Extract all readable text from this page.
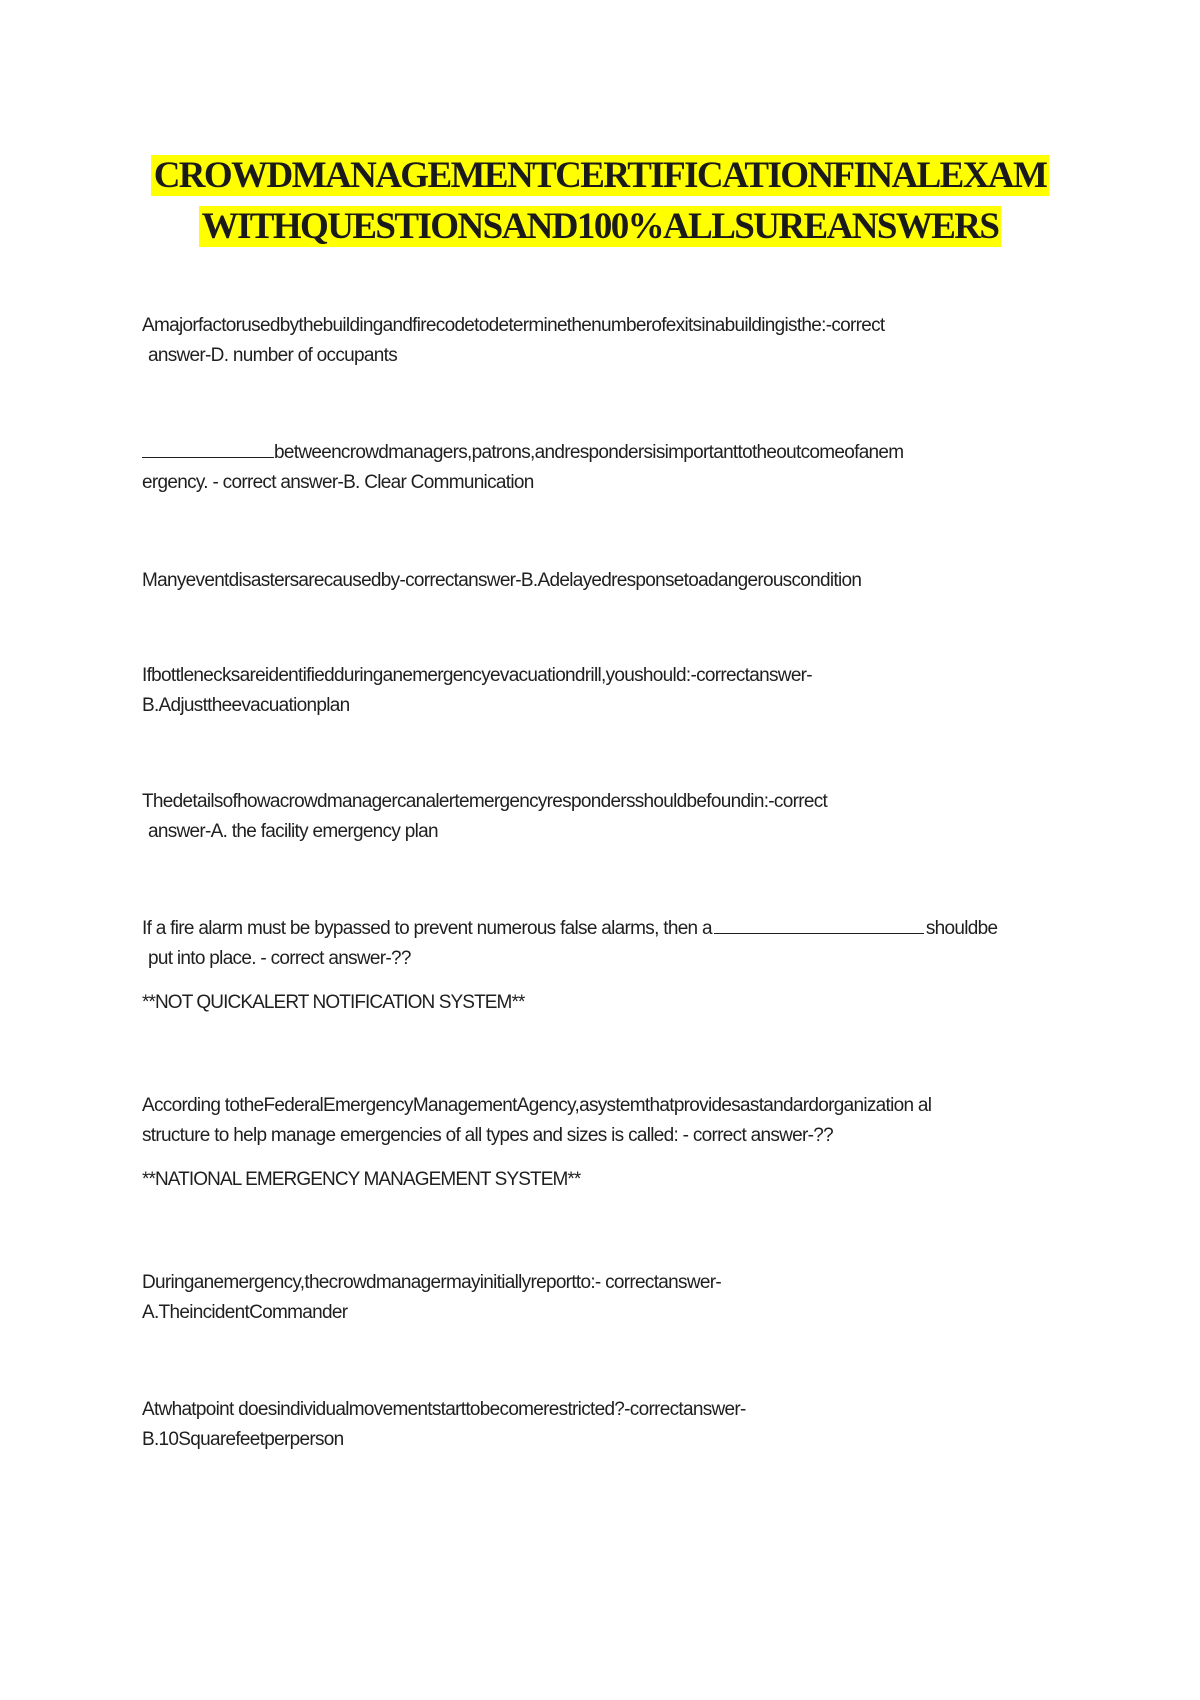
CROWDMANAGEMENTCERTIFICATIONFINALEXAM
WITHQUESTIONSAND100%ALLSUREANSWERS

Amajorfactorusedbythebuildingandfirecodetodeterminethenumberofexitsinabuildingisthe:-correct

answer-D. number of occupants

betweencrowdmanagers,patrons,andrespondersisimportanttotheoutcomeofanem

ergency. - correct answer-B. Clear Communication

Manyeventdisastersarecausedby-correctanswer-B.Adelayedresponsetoadangerouscondition

Ifbottlenecksareidentifiedduringanemergencyevacuationdrill,youshould:-correctanswer-

B.Adjusttheevacuationplan

Thedetailsofhowacrowdmanagercanalertemergencyrespondersshouldbefoundin:-correct

answer-A. the facility emergency plan

If a fire alarm must be bypassed to prevent numerous false alarms, then a	shouldbe

put into place. - correct answer-??

**NOT QUICKALERT NOTIFICATION SYSTEM**

According totheFederalEmergencyManagementAgency,asystemthatprovidesastandardorganization al

structure to help manage emergencies of all types and sizes is called: - correct answer-??

**NATIONAL EMERGENCY MANAGEMENT SYSTEM**

Duringanemergency,thecrowdmanagermayinitiallyreportto:- correctanswer-

A.TheincidentCommander

Atwhatpoint doesindividualmovementstarttobecomerestricted?-correctanswer-

B.10Squarefeetperperson
